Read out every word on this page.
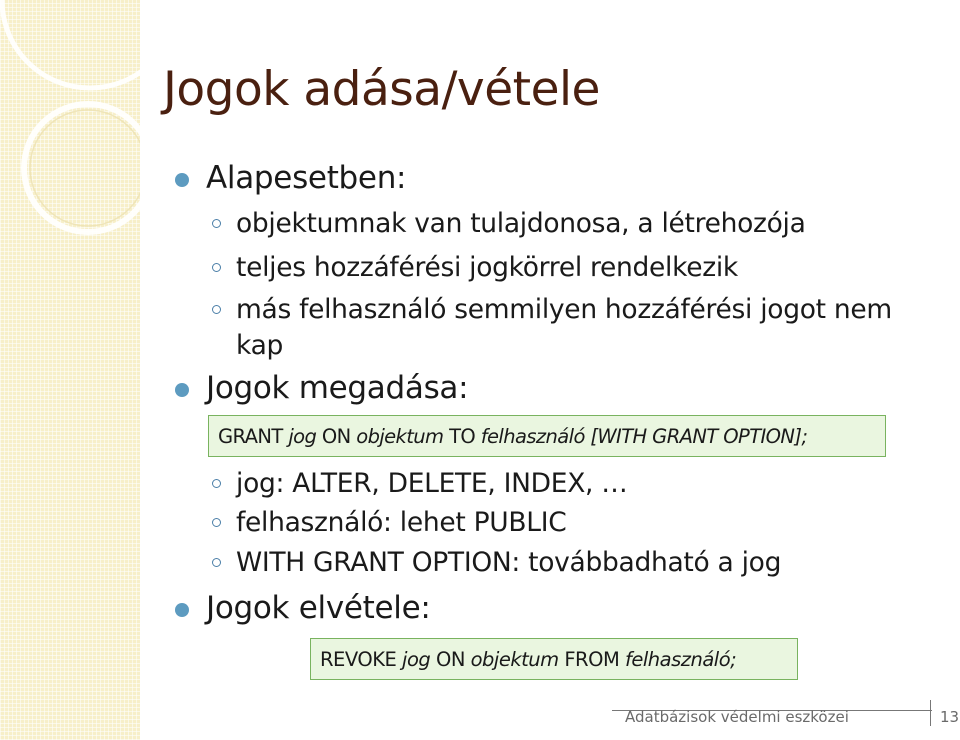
Jogok adása/vétele
Alapesetben:
objektumnak van tulajdonosa, a létrehozója
teljes hozzáférési jogkörrel rendelkezik
más felhasználó semmilyen hozzáférési jogot nem
kap
Jogok megadása:
GRANT jog ON objektum TO felhasználó [WITH GRANT OPTION];
jog: ALTER, DELETE, INDEX, …
felhasználó: lehet PUBLIC
WITH GRANT OPTION: továbbadható a jog
Jogok elvétele:
REVOKE jog ON objektum FROM felhasználó;
Adatbázisok védelmi eszközei	13
